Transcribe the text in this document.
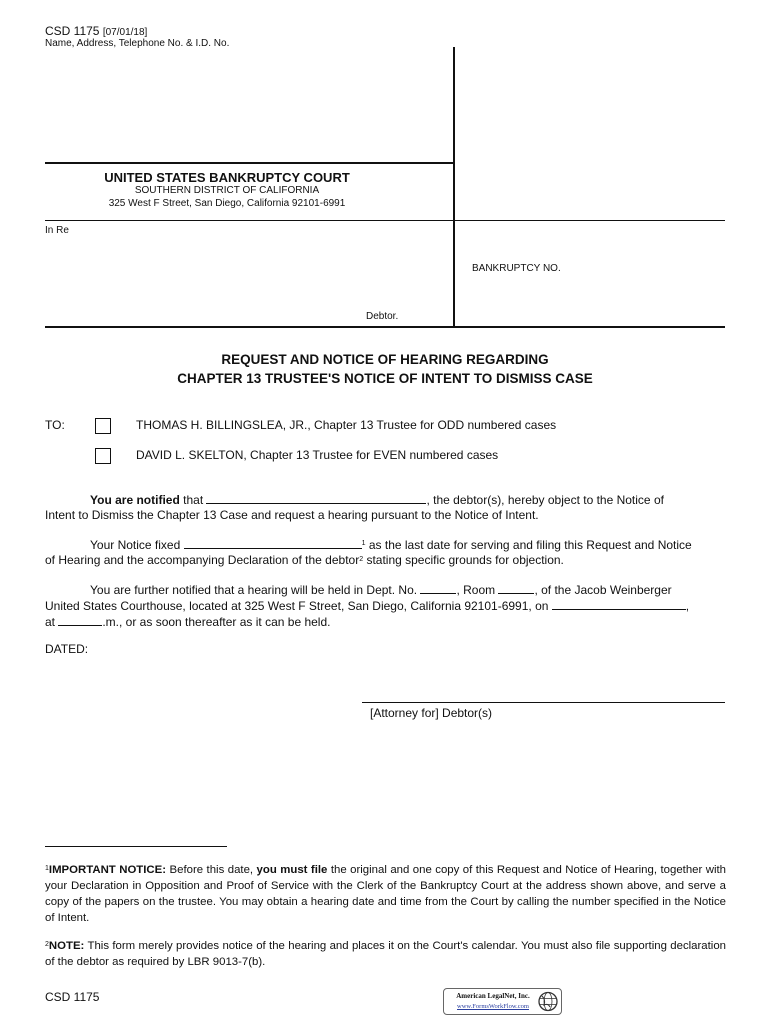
CSD 1175 [07/01/18]
Name, Address, Telephone No. & I.D. No.
UNITED STATES BANKRUPTCY COURT
SOUTHERN DISTRICT OF CALIFORNIA
325 West F Street, San Diego, California 92101-6991
In Re
BANKRUPTCY NO.
Debtor.
REQUEST AND NOTICE OF HEARING REGARDING
CHAPTER 13 TRUSTEE'S NOTICE OF INTENT TO DISMISS CASE
TO:	THOMAS H. BILLINGSLEA, JR., Chapter 13 Trustee for ODD numbered cases
DAVID L. SKELTON, Chapter 13 Trustee for EVEN numbered cases
You are notified that	, the debtor(s), hereby object to the Notice of
Intent to Dismiss the Chapter 13 Case and request a hearing pursuant to the Notice of Intent.
Your Notice fixed	$^1$ as the last date for serving and filing this Request and Notice
of Hearing and the accompanying Declaration of the debtor$^2$ stating specific grounds for objection.
You are further notified that a hearing will be held in Dept. No.	, Room	, of the Jacob Weinberger
United States Courthouse, located at 325 West F Street, San Diego, California 92101-6991, on	,
at	.m., or as soon thereafter as it can be held.
DATED:
[Attorney for] Debtor(s)
$^1$IMPORTANT NOTICE: Before this date, you must file the original and one copy of this Request and Notice of Hearing, together with your Declaration in Opposition and Proof of Service with the Clerk of the Bankruptcy Court at the address shown above, and serve a copy of the papers on the trustee. You may obtain a hearing date and time from the Court by calling the number specified in the Notice of Intent.
$^2$NOTE: This form merely provides notice of the hearing and places it on the Court's calendar. You must also file supporting declaration of the debtor as required by LBR 9013-7(b).
CSD 1175	American LegalNet, Inc.
www.FormsWorkFlow.com
